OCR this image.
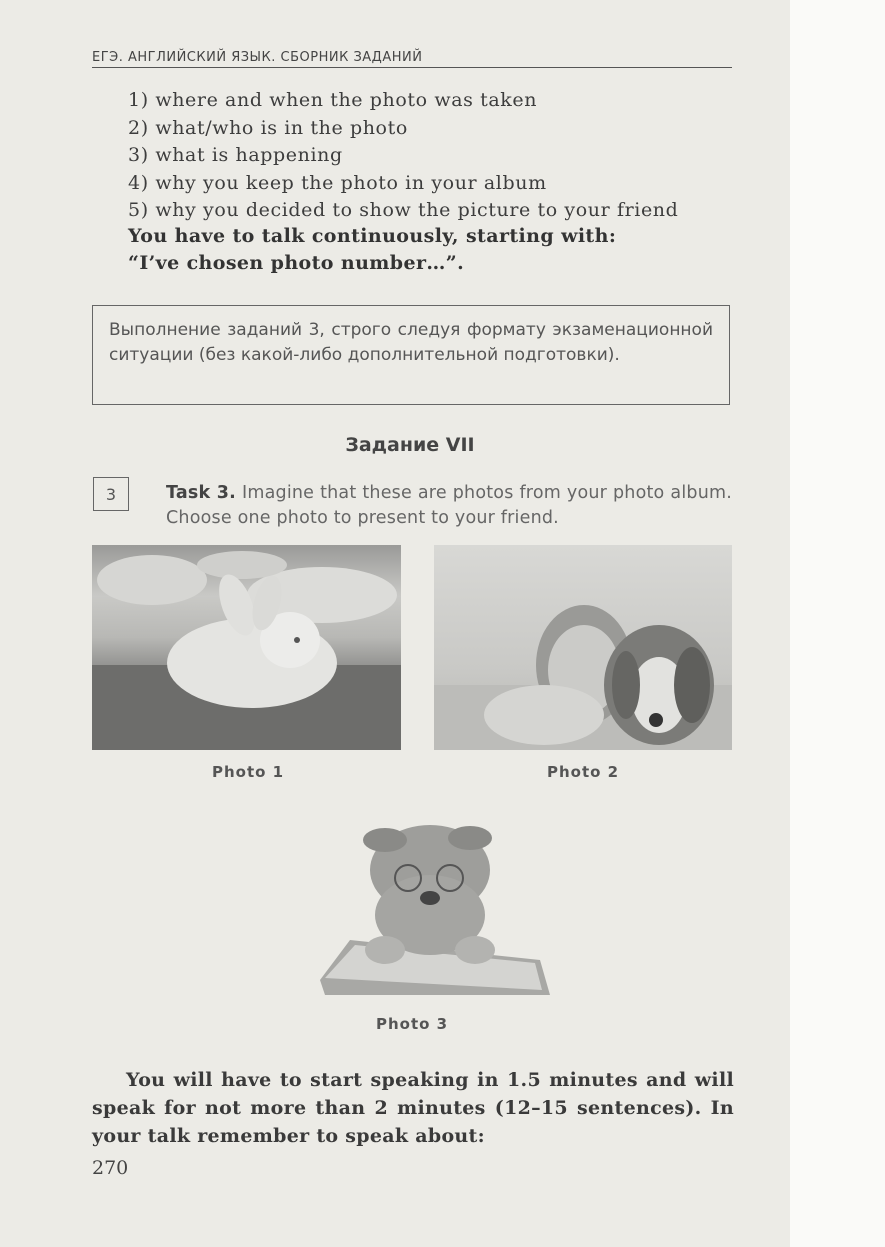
ЕГЭ. АНГЛИЙСКИЙ ЯЗЫК. СБОРНИК ЗАДАНИЙ
1) where and when the photo was taken
2) what/who is in the photo
3) what is happening
4) why you keep the photo in your album
5) why you decided to show the picture to your friend
You have to talk continuously, starting with:
“I’ve chosen photo number…”.
Выполнение заданий 3, строго следуя формату экзаменационной ситуации (без какой-либо дополнительной подготовки).
Задание VII
3	Task 3. Imagine that these are photos from your photo album. Choose one photo to present to your friend.
Photo 1	Photo 2
Photo 3
You will have to start speaking in 1.5 minutes and will speak for not more than 2 minutes (12–15 sentences). In your talk remember to speak about:
270
